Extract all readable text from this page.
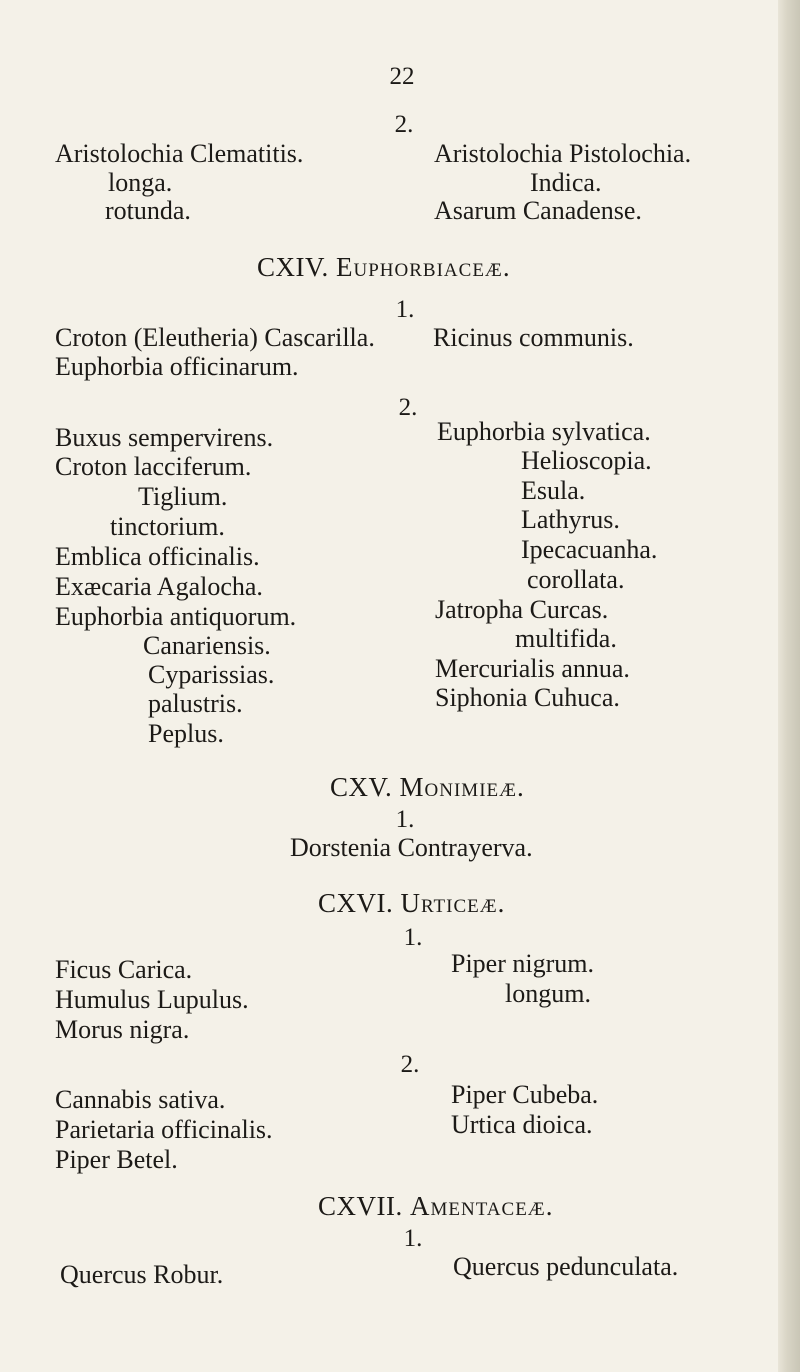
22
2.
Aristolochia Clematitis.
longa.
rotunda.
Aristolochia Pistolochia.
Indica.
Asarum Canadense.
CXIV. Euphorbiaceæ.
1.
Croton (Eleutheria) Cascarilla. Ricinus communis.
Euphorbia officinarum.
2.
Buxus sempervirens.
Croton lacciferum.
Tiglium.
tinctorium.
Emblica officinalis.
Exæcaria Agalocha.
Euphorbia antiquorum.
Canariensis.
Cyparissias.
palustris.
Peplus.
Euphorbia sylvatica.
Helioscopia.
Esula.
Lathyrus.
Ipecacuanha.
corollata.
Jatropha Curcas.
multifida.
Mercurialis annua.
Siphonia Cuhuca.
CXV. Monimieæ.
1.
Dorstenia Contrayerva.
CXVI. Urticeæ.
1.
Ficus Carica.
Humulus Lupulus.
Morus nigra.
Piper nigrum.
longum.
2.
Cannabis sativa.
Parietaria officinalis.
Piper Betel.
Piper Cubeba.
Urtica dioica.
CXVII. Amentaceæ.
1.
Quercus Robur.	Quercus pedunculata.
